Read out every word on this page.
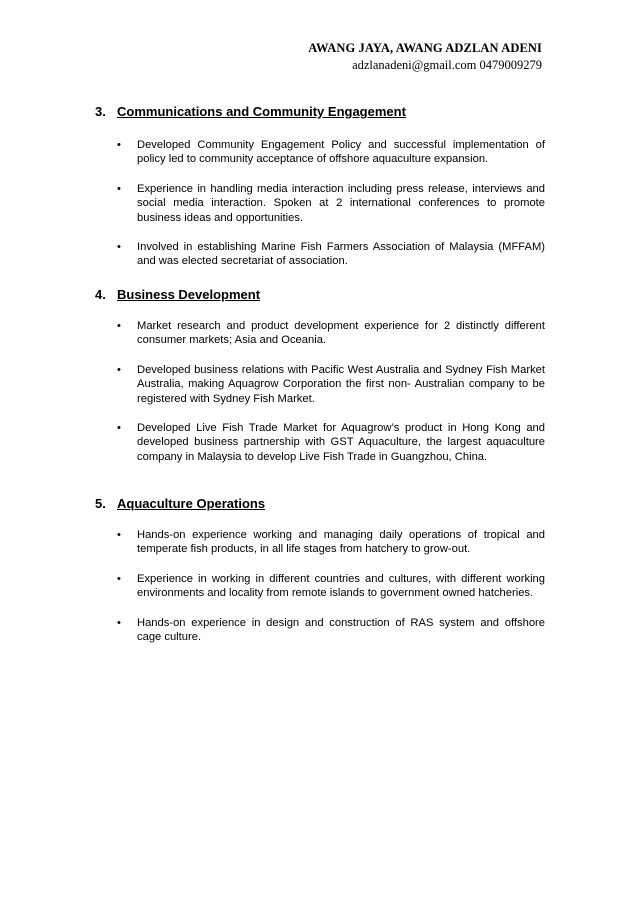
AWANG JAYA, AWANG ADZLAN ADENI
adzlanadeni@gmail.com 0479009279
3. Communications and Community Engagement
• Developed Community Engagement Policy and successful implementation of policy led to community acceptance of offshore aquaculture expansion.
• Experience in handling media interaction including press release, interviews and social media interaction. Spoken at 2 international conferences to promote business ideas and opportunities.
• Involved in establishing Marine Fish Farmers Association of Malaysia (MFFAM) and was elected secretariat of association.
4. Business Development
• Market research and product development experience for 2 distinctly different consumer markets; Asia and Oceania.
• Developed business relations with Pacific West Australia and Sydney Fish Market Australia, making Aquagrow Corporation the first non- Australian company to be registered with Sydney Fish Market.
• Developed Live Fish Trade Market for Aquagrow’s product in Hong Kong and developed business partnership with GST Aquaculture, the largest aquaculture company in Malaysia to develop Live Fish Trade in Guangzhou, China.
5. Aquaculture Operations
• Hands-on experience working and managing daily operations of tropical and temperate fish products, in all life stages from hatchery to grow-out.
• Experience in working in different countries and cultures, with different working environments and locality from remote islands to government owned hatcheries.
• Hands-on experience in design and construction of RAS system and offshore cage culture.
